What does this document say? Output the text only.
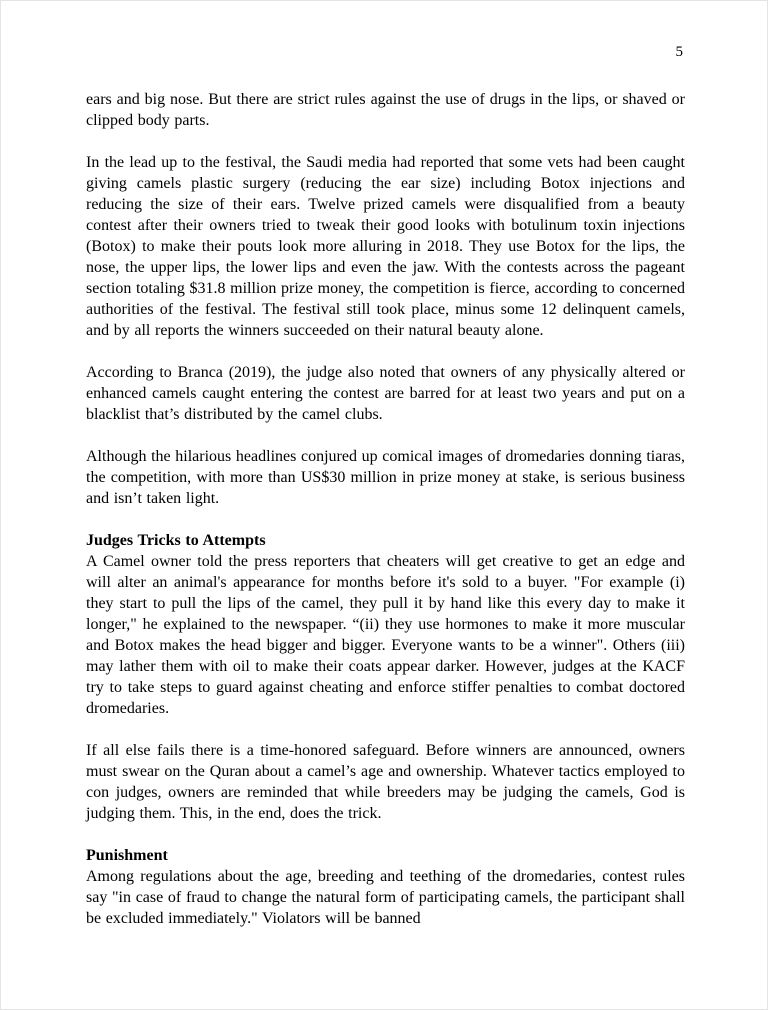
5
ears and big nose. But there are strict rules against the use of drugs in the lips, or shaved or clipped body parts.
In the lead up to the festival, the Saudi media had reported that some vets had been caught giving camels plastic surgery (reducing the ear size) including Botox injections and reducing the size of their ears. Twelve prized camels were disqualified from a beauty contest after their owners tried to tweak their good looks with botulinum toxin injections (Botox) to make their pouts look more alluring in 2018. They use Botox for the lips, the nose, the upper lips, the lower lips and even the jaw. With the contests across the pageant section totaling $31.8 million prize money, the competition is fierce, according to concerned authorities of the festival. The festival still took place, minus some 12 delinquent camels, and by all reports the winners succeeded on their natural beauty alone.
According to Branca (2019), the judge also noted that owners of any physically altered or enhanced camels caught entering the contest are barred for at least two years and put on a blacklist that’s distributed by the camel clubs.
Although the hilarious headlines conjured up comical images of dromedaries donning tiaras, the competition, with more than US$30 million in prize money at stake, is serious business and isn’t taken light.
Judges Tricks to Attempts
A Camel owner told the press reporters that cheaters will get creative to get an edge and will alter an animal's appearance for months before it's sold to a buyer. "For example (i) they start to pull the lips of the camel, they pull it by hand like this every day to make it longer," he explained to the newspaper. “(ii) they use hormones to make it more muscular and Botox makes the head bigger and bigger. Everyone wants to be a winner". Others (iii) may lather them with oil to make their coats appear darker. However, judges at the KACF try to take steps to guard against cheating and enforce stiffer penalties to combat doctored dromedaries.
If all else fails there is a time-honored safeguard. Before winners are announced, owners must swear on the Quran about a camel’s age and ownership. Whatever tactics employed to con judges, owners are reminded that while breeders may be judging the camels, God is judging them. This, in the end, does the trick.
Punishment
Among regulations about the age, breeding and teething of the dromedaries, contest rules say "in case of fraud to change the natural form of participating camels, the participant shall be excluded immediately." Violators will be banned
